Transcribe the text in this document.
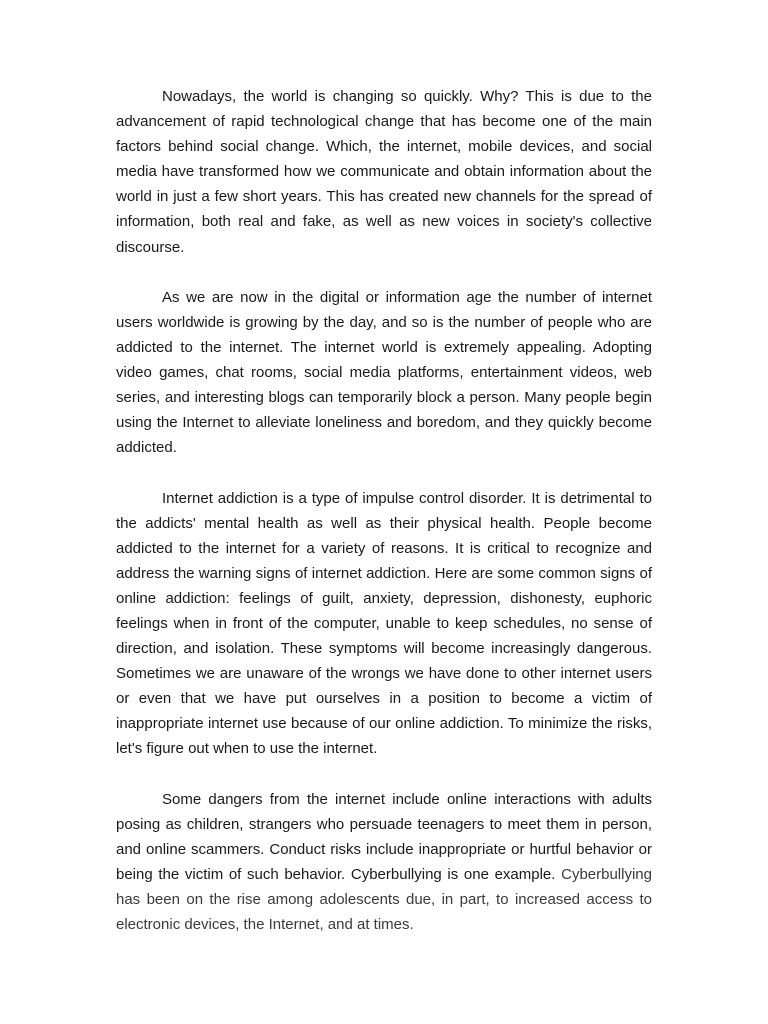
Nowadays, the world is changing so quickly. Why? This is due to the advancement of rapid technological change that has become one of the main factors behind social change. Which, the internet, mobile devices, and social media have transformed how we communicate and obtain information about the world in just a few short years. This has created new channels for the spread of information, both real and fake, as well as new voices in society's collective discourse.

As we are now in the digital or information age the number of internet users worldwide is growing by the day, and so is the number of people who are addicted to the internet. The internet world is extremely appealing. Adopting video games, chat rooms, social media platforms, entertainment videos, web series, and interesting blogs can temporarily block a person. Many people begin using the Internet to alleviate loneliness and boredom, and they quickly become addicted.

Internet addiction is a type of impulse control disorder. It is detrimental to the addicts' mental health as well as their physical health. People become addicted to the internet for a variety of reasons. It is critical to recognize and address the warning signs of internet addiction. Here are some common signs of online addiction: feelings of guilt, anxiety, depression, dishonesty, euphoric feelings when in front of the computer, unable to keep schedules, no sense of direction, and isolation. These symptoms will become increasingly dangerous. Sometimes we are unaware of the wrongs we have done to other internet users or even that we have put ourselves in a position to become a victim of inappropriate internet use because of our online addiction. To minimize the risks, let's figure out when to use the internet.

Some dangers from the internet include online interactions with adults posing as children, strangers who persuade teenagers to meet them in person, and online scammers. Conduct risks include inappropriate or hurtful behavior or being the victim of such behavior. Cyberbullying is one example. Cyberbullying has been on the rise among adolescents due, in part, to increased access to electronic devices, the Internet, and at times.
